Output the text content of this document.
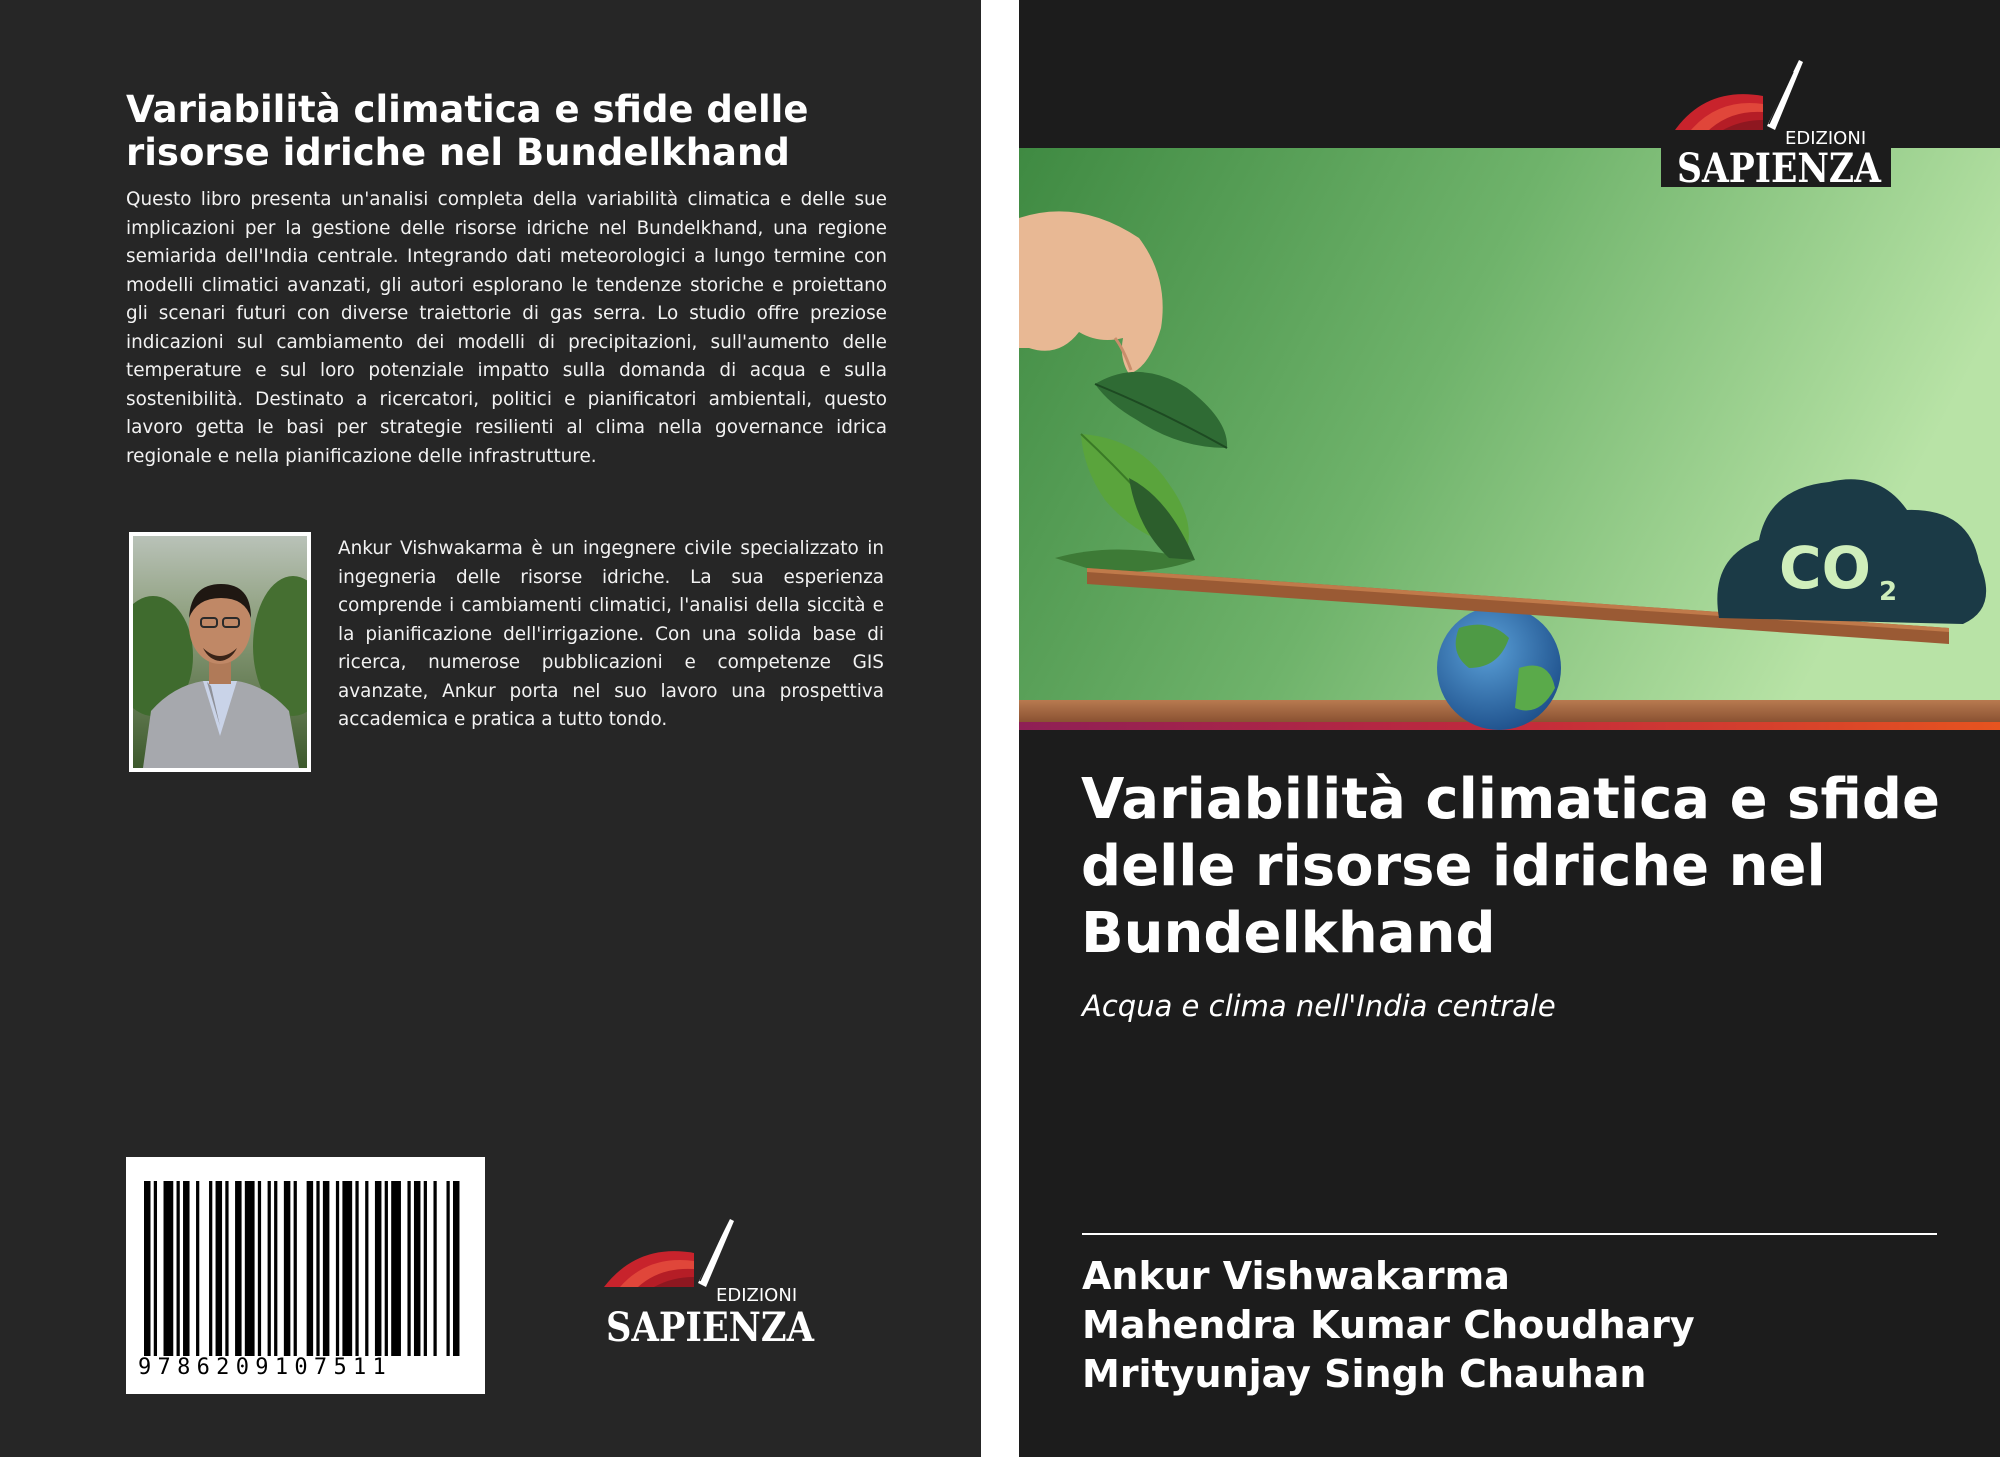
Variabilità climatica e sfide delle risorse idriche nel Bundelkhand
Questo libro presenta un'analisi completa della variabilità climatica e delle sue implicazioni per la gestione delle risorse idriche nel Bundelkhand, una regione semiarida dell'India centrale. Integrando dati meteorologici a lungo termine con modelli climatici avanzati, gli autori esplorano le tendenze storiche e proiettano gli scenari futuri con diverse traiettorie di gas serra. Lo studio offre preziose indicazioni sul cambiamento dei modelli di precipitazioni, sull'aumento delle temperature e sul loro potenziale impatto sulla domanda di acqua e sulla sostenibilità. Destinato a ricercatori, politici e pianificatori ambientali, questo lavoro getta le basi per strategie resilienti al clima nella governance idrica regionale e nella pianificazione delle infrastrutture.
Ankur Vishwakarma è un ingegnere civile specializzato in ingegneria delle risorse idriche. La sua esperienza comprende i cambiamenti climatici, l'analisi della siccità e la pianificazione dell'irrigazione. Con una solida base di ricerca, numerose pubblicazioni e competenze GIS avanzate, Ankur porta nel suo lavoro una prospettiva accademica e pratica a tutto tondo.
9786209107511
EDIZIONI
SAPIENZA
CO 2
EDIZIONI
SAPIENZA
Variabilità climatica e sfide delle risorse idriche nel Bundelkhand
Acqua e clima nell'India centrale
Ankur Vishwakarma
Mahendra Kumar Choudhary
Mrityunjay Singh Chauhan
